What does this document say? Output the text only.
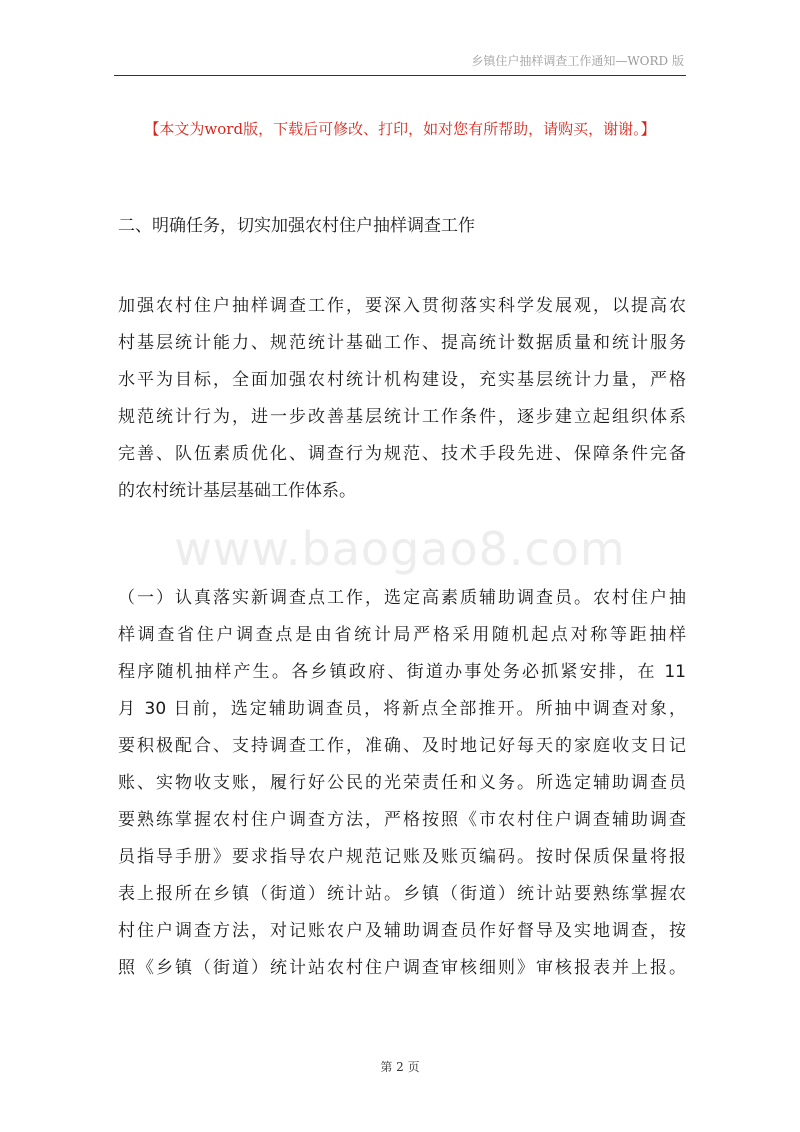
乡镇住户抽样调查工作通知—WORD 版
【本文为word版，下载后可修改、打印，如对您有所帮助，请购买，谢谢。】
二、明确任务，切实加强农村住户抽样调查工作
加强农村住户抽样调查工作，要深入贯彻落实科学发展观，以提高农
村基层统计能力、规范统计基础工作、提高统计数据质量和统计服务
水平为目标，全面加强农村统计机构建设，充实基层统计力量，严格
规范统计行为，进一步改善基层统计工作条件，逐步建立起组织体系
完善、队伍素质优化、调查行为规范、技术手段先进、保障条件完备
的农村统计基层基础工作体系。
www.baogao8.com
（一）认真落实新调查点工作，选定高素质辅助调查员。农村住户抽
样调查省住户调查点是由省统计局严格采用随机起点对称等距抽样
程序随机抽样产生。各乡镇政府、街道办事处务必抓紧安排，在 11
月 30 日前，选定辅助调查员，将新点全部推开。所抽中调查对象，
要积极配合、支持调查工作，准确、及时地记好每天的家庭收支日记
账、实物收支账，履行好公民的光荣责任和义务。所选定辅助调查员
要熟练掌握农村住户调查方法，严格按照《市农村住户调查辅助调查
员指导手册》要求指导农户规范记账及账页编码。按时保质保量将报
表上报所在乡镇（街道）统计站。乡镇（街道）统计站要熟练掌握农
村住户调查方法，对记账农户及辅助调查员作好督导及实地调查，按
照《乡镇（街道）统计站农村住户调查审核细则》审核报表并上报。
第 2 页
